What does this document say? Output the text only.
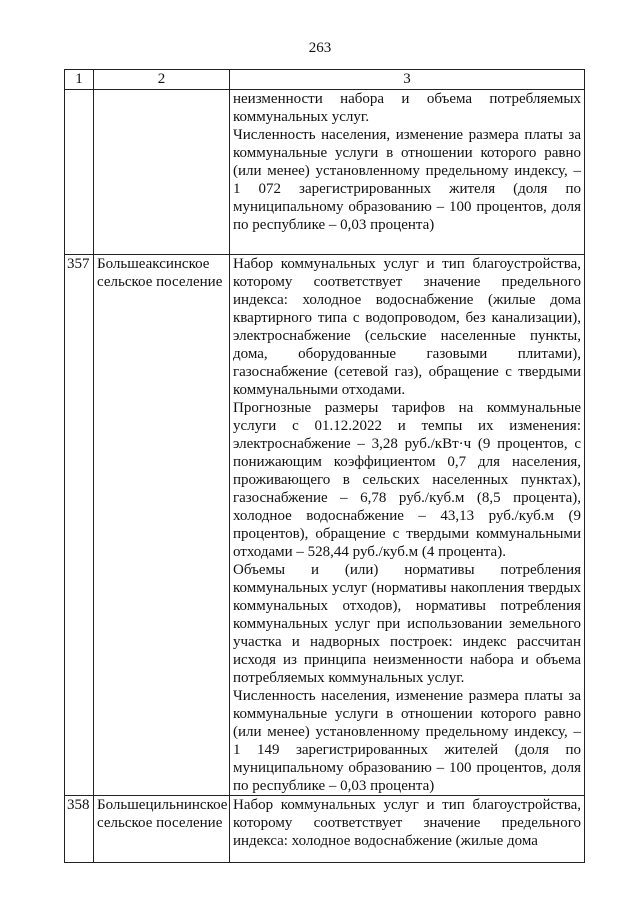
263
1	2	3

		неизменности набора и объема потребляемых коммунальных услуг.

Численность населения, изменение размера платы за коммунальные услуги в отношении которого равно (или менее) установленному предельному индексу, – 1 072 зарегистрированных жителя (доля по муниципальному образованию – 100 процентов, доля по республике – 0,03 процента)

357	Большеаксинское сельское поселение	Набор коммунальных услуг и тип благоустройства, которому соответствует значение предельного индекса: холодное водоснабжение (жилые дома квартирного типа с водопроводом, без канализации), электроснабжение (сельские населенные пункты, дома, оборудованные газовыми плитами), газоснабжение (сетевой газ), обращение с твердыми коммунальными отходами.

Прогнозные размеры тарифов на коммунальные услуги с 01.12.2022 и темпы их изменения: электроснабжение – 3,28 руб./кВт·ч (9 процентов, с понижающим коэффициентом 0,7 для населения, проживающего в сельских населенных пунктах), газоснабжение – 6,78 руб./куб.м (8,5 процента), холодное водоснабжение – 43,13 руб./куб.м (9 процентов), обращение с твердыми коммунальными отходами – 528,44 руб./куб.м (4 процента).

Объемы и (или) нормативы потребления коммунальных услуг (нормативы накопления твердых коммунальных отходов), нормативы потребления коммунальных услуг при использовании земельного участка и надворных построек: индекс рассчитан исходя из принципа неизменности набора и объема потребляемых коммунальных услуг.

Численность населения, изменение размера платы за коммунальные услуги в отношении которого равно (или менее) установленному предельному индексу, – 1 149 зарегистрированных жителей (доля по муниципальному образованию – 100 процентов, доля по республике – 0,03 процента)

358	Большецильнинское сельское поселение	Набор коммунальных услуг и тип благоустройства, которому соответствует значение предельного индекса: холодное водоснабжение (жилые дома
